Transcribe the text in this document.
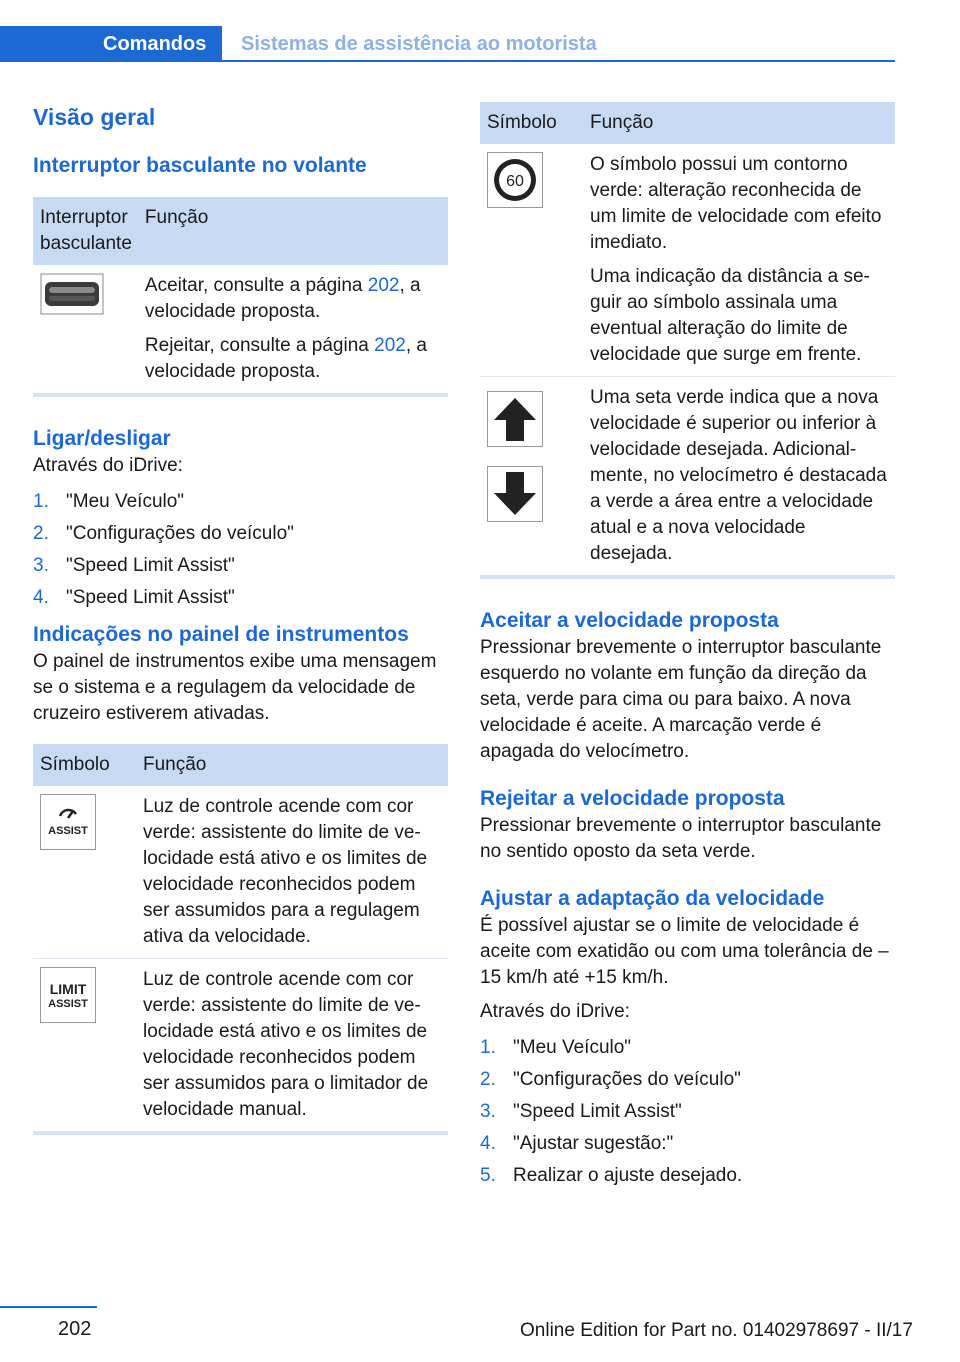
Comandos	Sistemas de assistência ao motorista
Visão geral
Interruptor basculante no volante
Interruptor basculante	Função

Aceitar, consulte a página 202, a velocidade proposta.
Rejeitar, consulte a página 202, a velocidade proposta.
Ligar/desligar

Através do iDrive:

1. "Meu Veículo"
2. "Configurações do veículo"
3. "Speed Limit Assist"
4. "Speed Limit Assist"
Indicações no painel de instrumentos

O painel de instrumentos exibe uma mensagem se o sistema e a regulagem da velocidade de cruzeiro estiverem ativadas.

Símbolo	Função

ASSIST	Luz de controle acende com cor verde: assistente do limite de velocidade está ativo e os limites de velocidade reconhecidos podem ser assumidos para a regulagem ativa da velocidade.

LIMIT
ASSIST	Luz de controle acende com cor verde: assistente do limite de velocidade está ativo e os limites de velocidade reconhecidos podem ser assumidos para o limitador de velocidade manual.
Símbolo	Função

60	O símbolo possui um contorno verde: alteração reconhecida de um limite de velocidade com efeito imediato.
Uma indicação da distância a seguir ao símbolo assinala uma eventual alteração do limite de velocidade que surge em frente.

Uma seta verde indica que a nova velocidade é superior ou inferior à velocidade desejada. Adicionalmente, no velocímetro é destacada a verde a área entre a velocidade atual e a nova velocidade desejada.
Aceitar a velocidade proposta

Pressionar brevemente o interruptor basculante esquerdo no volante em função da direção da seta, verde para cima ou para baixo. A nova velocidade é aceite. A marcação verde é apagada do velocímetro.

Rejeitar a velocidade proposta

Pressionar brevemente o interruptor basculante no sentido oposto da seta verde.

Ajustar a adaptação da velocidade

É possível ajustar se o limite de velocidade é aceite com exatidão ou com uma tolerância de –15 km/h até +15 km/h.

Através do iDrive:

1. "Meu Veículo"
2. "Configurações do veículo"
3. "Speed Limit Assist"
4. "Ajustar sugestão:"
5. Realizar o ajuste desejado.
202	Online Edition for Part no. 01402978697 - II/17
